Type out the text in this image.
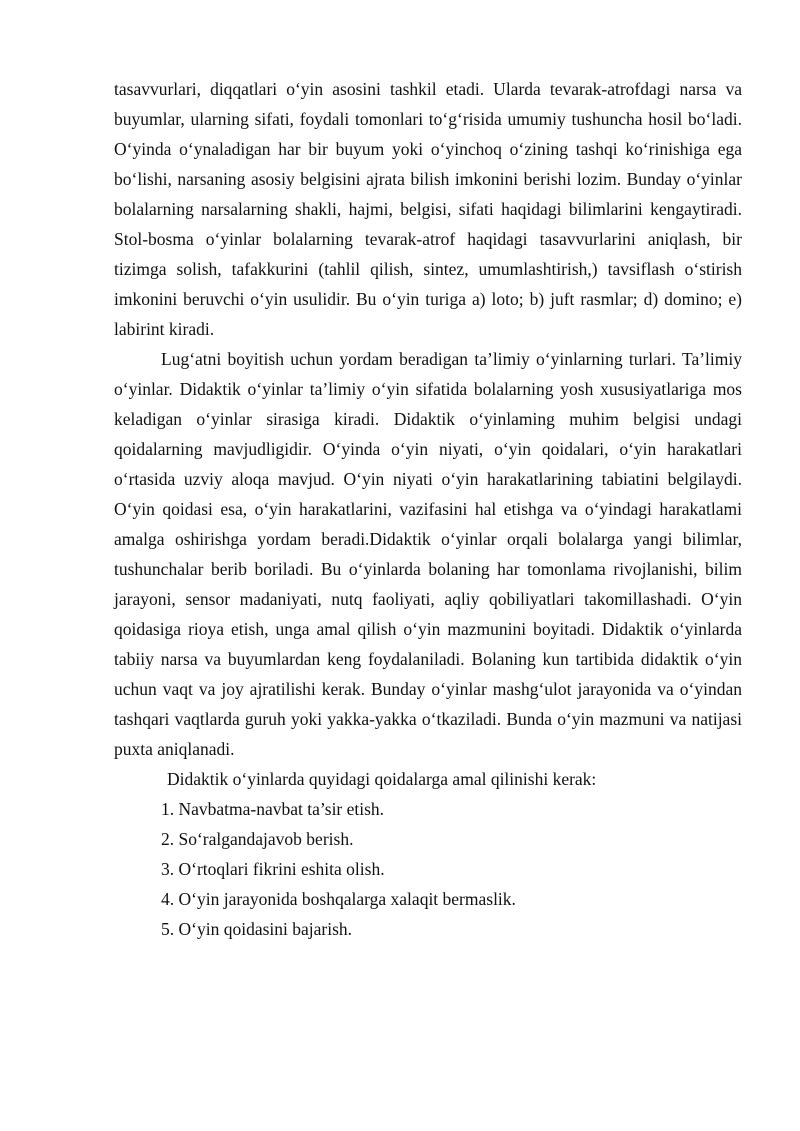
tasavvurlari, diqqatlari o‘yin asosini tashkil etadi. Ularda tevarak-atrofdagi narsa va buyumlar, ularning sifati, foydali tomonlari to‘g‘risida umumiy tushuncha hosil bo‘ladi. O‘yinda o‘ynaladigan har bir buyum yoki o‘yinchoq o‘zining tashqi ko‘rinishiga ega bo‘lishi, narsaning asosiy belgisini ajrata bilish imkonini berishi lozim. Bunday o‘yinlar bolalarning narsalarning shakli, hajmi, belgisi, sifati haqidagi bilimlarini kengaytiradi. Stol-bosma o‘yinlar bolalarning tevarak-atrof haqidagi tasavvurlarini aniqlash, bir tizimga solish, tafakkurini (tahlil qilish, sintez, umumlashtirish,) tavsiflash o‘stirish imkonini beruvchi o‘yin usulidir. Bu o‘yin turiga a) loto; b) juft rasmlar; d) domino; e) labirint kiradi.

Lug‘atni boyitish uchun yordam beradigan ta’limiy o‘yinlarning turlari. Ta’limiy o‘yinlar. Didaktik o‘yinlar ta’limiy o‘yin sifatida bolalarning yosh xususiyatlariga mos keladigan o‘yinlar sirasiga kiradi. Didaktik o‘yinlaming muhim belgisi undagi qoidalarning mavjudligidir. O‘yinda o‘yin niyati, o‘yin qoidalari, o‘yin harakatlari o‘rtasida uzviy aloqa mavjud. O‘yin niyati o‘yin harakatlarining tabiatini belgilaydi. O‘yin qoidasi esa, o‘yin harakatlarini, vazifasini hal etishga va o‘yindagi harakatlami amalga oshirishga yordam beradi.Didaktik o‘yinlar orqali bolalarga yangi bilimlar, tushunchalar berib boriladi. Bu o‘yinlarda bolaning har tomonlama rivojlanishi, bilim jarayoni, sensor madaniyati, nutq faoliyati, aqliy qobiliyatlari takomillashadi. O‘yin qoidasiga rioya etish, unga amal qilish o‘yin mazmunini boyitadi. Didaktik o‘yinlarda tabiiy narsa va buyumlardan keng foydalaniladi. Bolaning kun tartibida didaktik o‘yin uchun vaqt va joy ajratilishi kerak. Bunday o‘yinlar mashg‘ulot jarayonida va o‘yindan tashqari vaqtlarda guruh yoki yakka-yakka o‘tkaziladi. Bunda o‘yin mazmuni va natijasi puxta aniqlanadi.

Didaktik o‘yinlarda quyidagi qoidalarga amal qilinishi kerak:

1. Navbatma-navbat ta’sir etish.
2. So‘ralgandajavob berish.
3. O‘rtoqlari fikrini eshita olish.
4. O‘yin jarayonida boshqalarga xalaqit bermaslik.
5. O‘yin qoidasini bajarish.
